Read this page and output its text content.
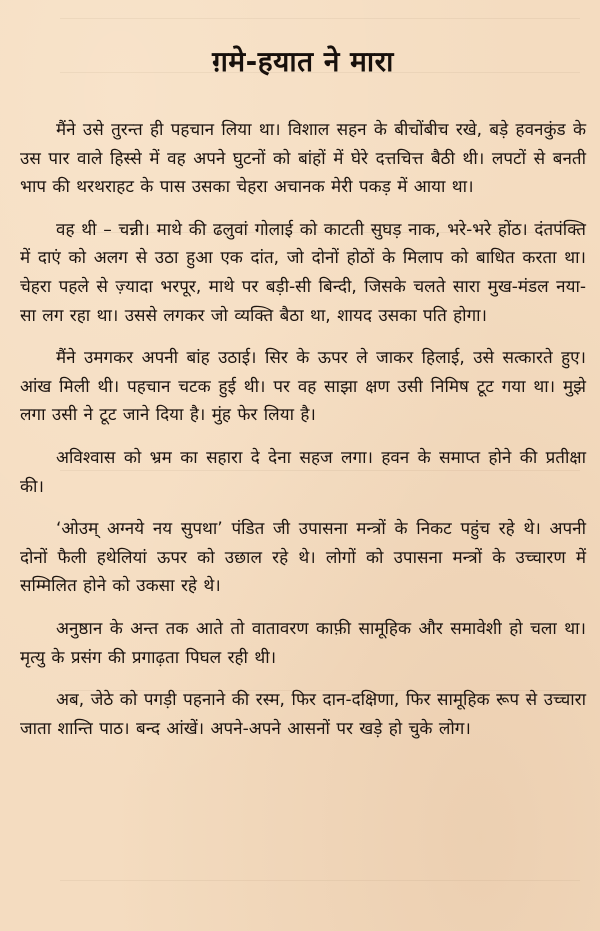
ग़मे-हयात ने मारा

मैंने उसे तुरन्त ही पहचान लिया था। विशाल सहन के बीचोंबीच रखे, बड़े हवनकुंड के उस पार वाले हिस्से में वह अपने घुटनों को बांहों में घेरे दत्तचित्त बैठी थी। लपटों से बनती भाप की थरथराहट के पास उसका चेहरा अचानक मेरी पकड़ में आया था।

वह थी – चन्नी। माथे की ढलुवां गोलाई को काटती सुघड़ नाक, भरे-भरे होंठ। दंतपंक्ति में दाएं को अलग से उठा हुआ एक दांत, जो दोनों होठों के मिलाप को बाधित करता था। चेहरा पहले से ज़्यादा भरपूर, माथे पर बड़ी-सी बिन्दी, जिसके चलते सारा मुख-मंडल नया-सा लग रहा था। उससे लगकर जो व्यक्ति बैठा था, शायद उसका पति होगा।

मैंने उमगकर अपनी बांह उठाई। सिर के ऊपर ले जाकर हिलाई, उसे सत्कारते हुए। आंख मिली थी। पहचान चटक हुई थी। पर वह साझा क्षण उसी निमिष टूट गया था। मुझे लगा उसी ने टूट जाने दिया है। मुंह फेर लिया है।

अविश्वास को भ्रम का सहारा दे देना सहज लगा। हवन के समाप्त होने की प्रतीक्षा की।

‘ओउम् अग्नये नय सुपथा’ पंडित जी उपासना मन्त्रों के निकट पहुंच रहे थे। अपनी दोनों फैली हथेलियां ऊपर को उछाल रहे थे। लोगों को उपासना मन्त्रों के उच्चारण में सम्मिलित होने को उकसा रहे थे।

अनुष्ठान के अन्त तक आते तो वातावरण काफ़ी सामूहिक और समावेशी हो चला था। मृत्यु के प्रसंग की प्रगाढ़ता पिघल रही थी।

अब, जेठे को पगड़ी पहनाने की रस्म, फिर दान-दक्षिणा, फिर सामूहिक रूप से उच्चारा जाता शान्ति पाठ। बन्द आंखें। अपने-अपने आसनों पर खड़े हो चुके लोग।
